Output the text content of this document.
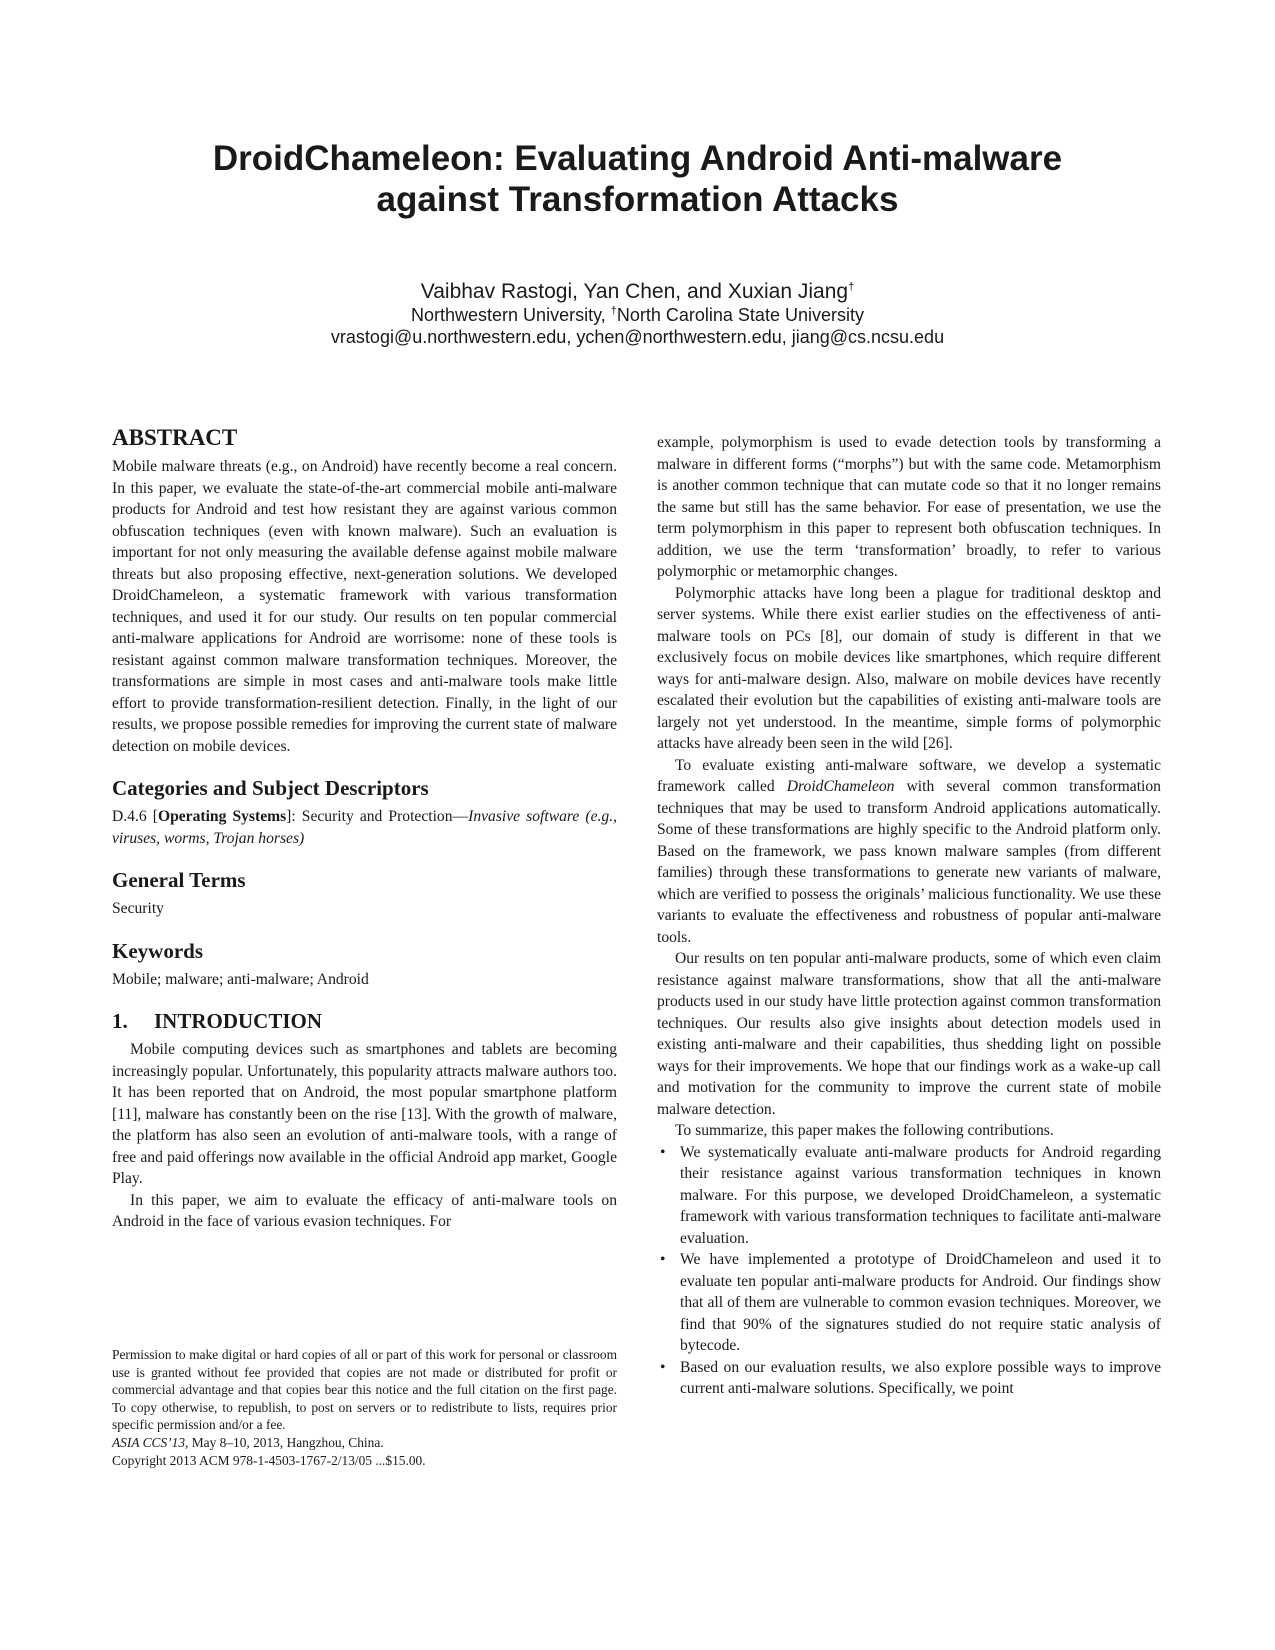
DroidChameleon: Evaluating Android Anti-malware
against Transformation Attacks
Vaibhav Rastogi, Yan Chen, and Xuxian Jiang†
Northwestern University, †North Carolina State University
vrastogi@u.northwestern.edu, ychen@northwestern.edu, jiang@cs.ncsu.edu
ABSTRACT

Mobile malware threats (e.g., on Android) have recently become a real concern. In this paper, we evaluate the state-of-the-art commercial mobile anti-malware products for Android and test how resistant they are against various common obfuscation techniques (even with known malware). Such an evaluation is important for not only measuring the available defense against mobile malware threats but also proposing effective, next-generation solutions. We developed DroidChameleon, a systematic framework with various transformation techniques, and used it for our study. Our results on ten popular commercial anti-malware applications for Android are worrisome: none of these tools is resistant against common malware transformation techniques. Moreover, the transformations are simple in most cases and anti-malware tools make little effort to provide transformation-resilient detection. Finally, in the light of our results, we propose possible remedies for improving the current state of malware detection on mobile devices.

Categories and Subject Descriptors

D.4.6 [Operating Systems]: Security and Protection—Invasive software (e.g., viruses, worms, Trojan horses)

General Terms

Security

Keywords

Mobile; malware; anti-malware; Android

1. INTRODUCTION

Mobile computing devices such as smartphones and tablets are becoming increasingly popular. Unfortunately, this popularity attracts malware authors too. It has been reported that on Android, the most popular smartphone platform [11], malware has constantly been on the rise [13]. With the growth of malware, the platform has also seen an evolution of anti-malware tools, with a range of free and paid offerings now available in the official Android app market, Google Play.

In this paper, we aim to evaluate the efficacy of anti-malware tools on Android in the face of various evasion techniques. For

Permission to make digital or hard copies of all or part of this work for personal or classroom use is granted without fee provided that copies are not made or distributed for profit or commercial advantage and that copies bear this notice and the full citation on the first page. To copy otherwise, to republish, to post on servers or to redistribute to lists, requires prior specific permission and/or a fee.

ASIA CCS’13, May 8–10, 2013, Hangzhou, China.

Copyright 2013 ACM 978-1-4503-1767-2/13/05 ...$15.00.

example, polymorphism is used to evade detection tools by transforming a malware in different forms (“morphs”) but with the same code. Metamorphism is another common technique that can mutate code so that it no longer remains the same but still has the same behavior. For ease of presentation, we use the term polymorphism in this paper to represent both obfuscation techniques. In addition, we use the term ‘transformation’ broadly, to refer to various polymorphic or metamorphic changes.

Polymorphic attacks have long been a plague for traditional desktop and server systems. While there exist earlier studies on the effectiveness of anti-malware tools on PCs [8], our domain of study is different in that we exclusively focus on mobile devices like smartphones, which require different ways for anti-malware design. Also, malware on mobile devices have recently escalated their evolution but the capabilities of existing anti-malware tools are largely not yet understood. In the meantime, simple forms of polymorphic attacks have already been seen in the wild [26].

To evaluate existing anti-malware software, we develop a systematic framework called DroidChameleon with several common transformation techniques that may be used to transform Android applications automatically. Some of these transformations are highly specific to the Android platform only. Based on the framework, we pass known malware samples (from different families) through these transformations to generate new variants of malware, which are verified to possess the originals’ malicious functionality. We use these variants to evaluate the effectiveness and robustness of popular anti-malware tools.

Our results on ten popular anti-malware products, some of which even claim resistance against malware transformations, show that all the anti-malware products used in our study have little protection against common transformation techniques. Our results also give insights about detection models used in existing anti-malware and their capabilities, thus shedding light on possible ways for their improvements. We hope that our findings work as a wake-up call and motivation for the community to improve the current state of mobile malware detection.

To summarize, this paper makes the following contributions.

• We systematically evaluate anti-malware products for Android regarding their resistance against various transformation techniques in known malware. For this purpose, we developed DroidChameleon, a systematic framework with various transformation techniques to facilitate anti-malware evaluation.
• We have implemented a prototype of DroidChameleon and used it to evaluate ten popular anti-malware products for Android. Our findings show that all of them are vulnerable to common evasion techniques. Moreover, we find that 90% of the signatures studied do not require static analysis of bytecode.
• Based on our evaluation results, we also explore possible ways to improve current anti-malware solutions. Specifically, we point
